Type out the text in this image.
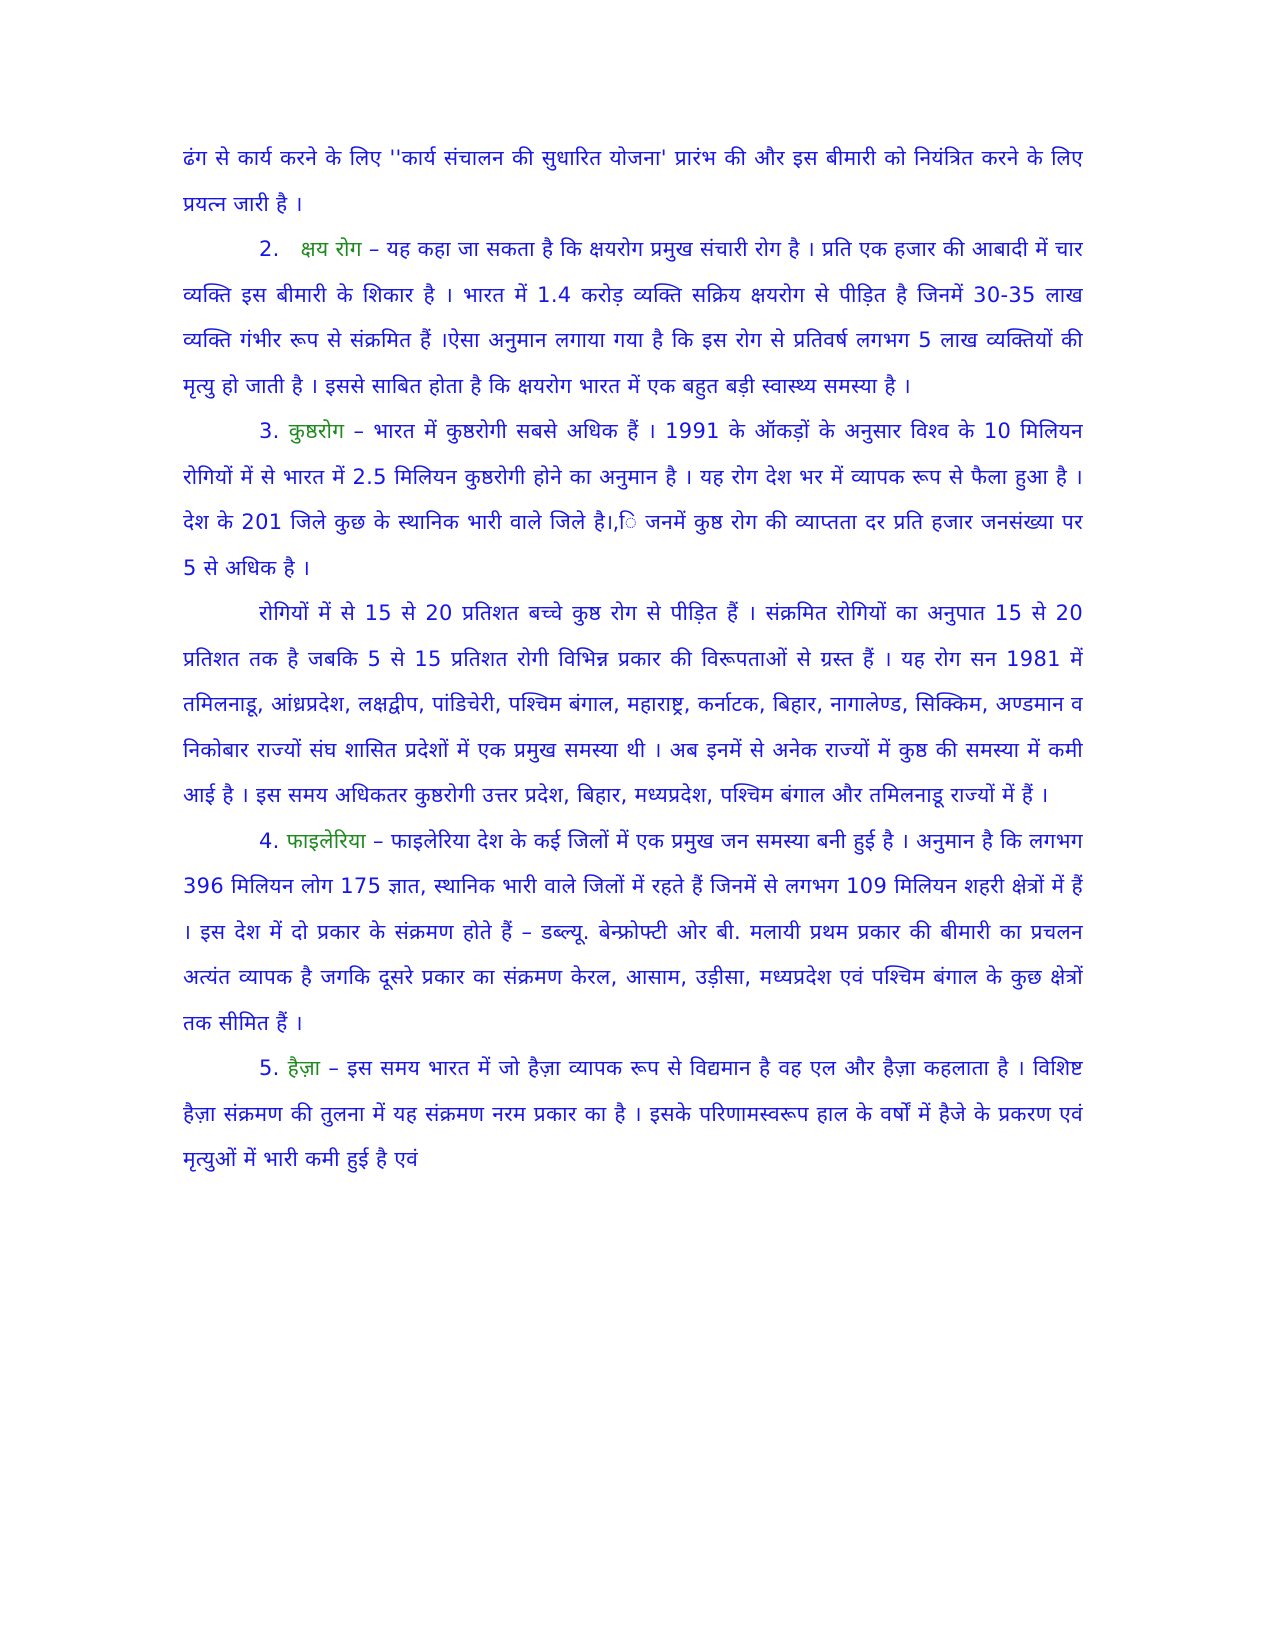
ढंग से कार्य करने के लिए ''कार्य संचालन की सुधारित योजना' प्रारंभ की और इस बीमारी को नियंत्रित करने के लिए प्रयत्न जारी है ।

2. क्षय रोग – यह कहा जा सकता है कि क्षयरोग प्रमुख संचारी रोग है । प्रति एक हजार की आबादी में चार व्यक्ति इस बीमारी के शिकार है । भारत में 1.4 करोड़ व्यक्ति सक्रिय क्षयरोग से पीड़ित है जिनमें 30-35 लाख व्यक्ति गंभीर रूप से संक्रमित हैं ।ऐसा अनुमान लगाया गया है कि इस रोग से प्रतिवर्ष लगभग 5 लाख व्यक्तियों की मृत्यु हो जाती है । इससे साबित होता है कि क्षयरोग भारत में एक बहुत बड़ी स्वास्थ्य समस्या है ।

3. कुष्ठरोग – भारत में कुष्ठरोगी सबसे अधिक हैं । 1991 के ऑकड़ों के अनुसार विश्व के 10 मिलियन रोगियों में से भारत में 2.5 मिलियन कुष्ठरोगी होने का अनुमान है । यह रोग देश भर में व्यापक रूप से फैला हुआ है । देश के 201 जिले कुछ के स्थानिक भारी वाले जिले है।,ि जनमें कुष्ठ रोग की व्याप्तता दर प्रति हजार जनसंख्या पर 5 से अधिक है ।

रोगियों में से 15 से 20 प्रतिशत बच्चे कुष्ठ रोग से पीड़ित हैं । संक्रमित रोगियों का अनुपात 15 से 20 प्रतिशत तक है जबकि 5 से 15 प्रतिशत रोगी विभिन्न प्रकार की विरूपताओं से ग्रस्त हैं । यह रोग सन 1981 में तमिलनाडू, आंध्रप्रदेश, लक्षद्वीप, पांडिचेरी, पश्चिम बंगाल, महाराष्ट्र, कर्नाटक, बिहार, नागालेण्ड, सिक्किम, अण्डमान व निकोबार राज्यों संघ शासित प्रदेशों में एक प्रमुख समस्या थी । अब इनमें से अनेक राज्यों में कुष्ठ की समस्या में कमी आई है । इस समय अधिकतर कुष्ठरोगी उत्तर प्रदेश, बिहार, मध्यप्रदेश, पश्चिम बंगाल और तमिलनाडू राज्यों में हैं ।

4. फाइलेरिया – फाइलेरिया देश के कई जिलों में एक प्रमुख जन समस्या बनी हुई है । अनुमान है कि लगभग 396 मिलियन लोग 175 ज्ञात, स्थानिक भारी वाले जिलों में रहते हैं जिनमें से लगभग 109 मिलियन शहरी क्षेत्रों में हैं । इस देश में दो प्रकार के संक्रमण होते हैं – डब्ल्यू. बेन्फ्रोफ्टी ओर बी. मलायी प्रथम प्रकार की बीमारी का प्रचलन अत्यंत व्यापक है जगकि दूसरे प्रकार का संक्रमण केरल, आसाम, उड़ीसा, मध्यप्रदेश एवं पश्चिम बंगाल के कुछ क्षेत्रों तक सीमित हैं ।

5. हैज़ा – इस समय भारत में जो हैज़ा व्यापक रूप से विद्यमान है वह एल और हैज़ा कहलाता है । विशिष्ट हैज़ा संक्रमण की तुलना में यह संक्रमण नरम प्रकार का है । इसके परिणामस्वरूप हाल के वर्षों में हैजे के प्रकरण एवं मृत्युओं में भारी कमी हुई है एवं
